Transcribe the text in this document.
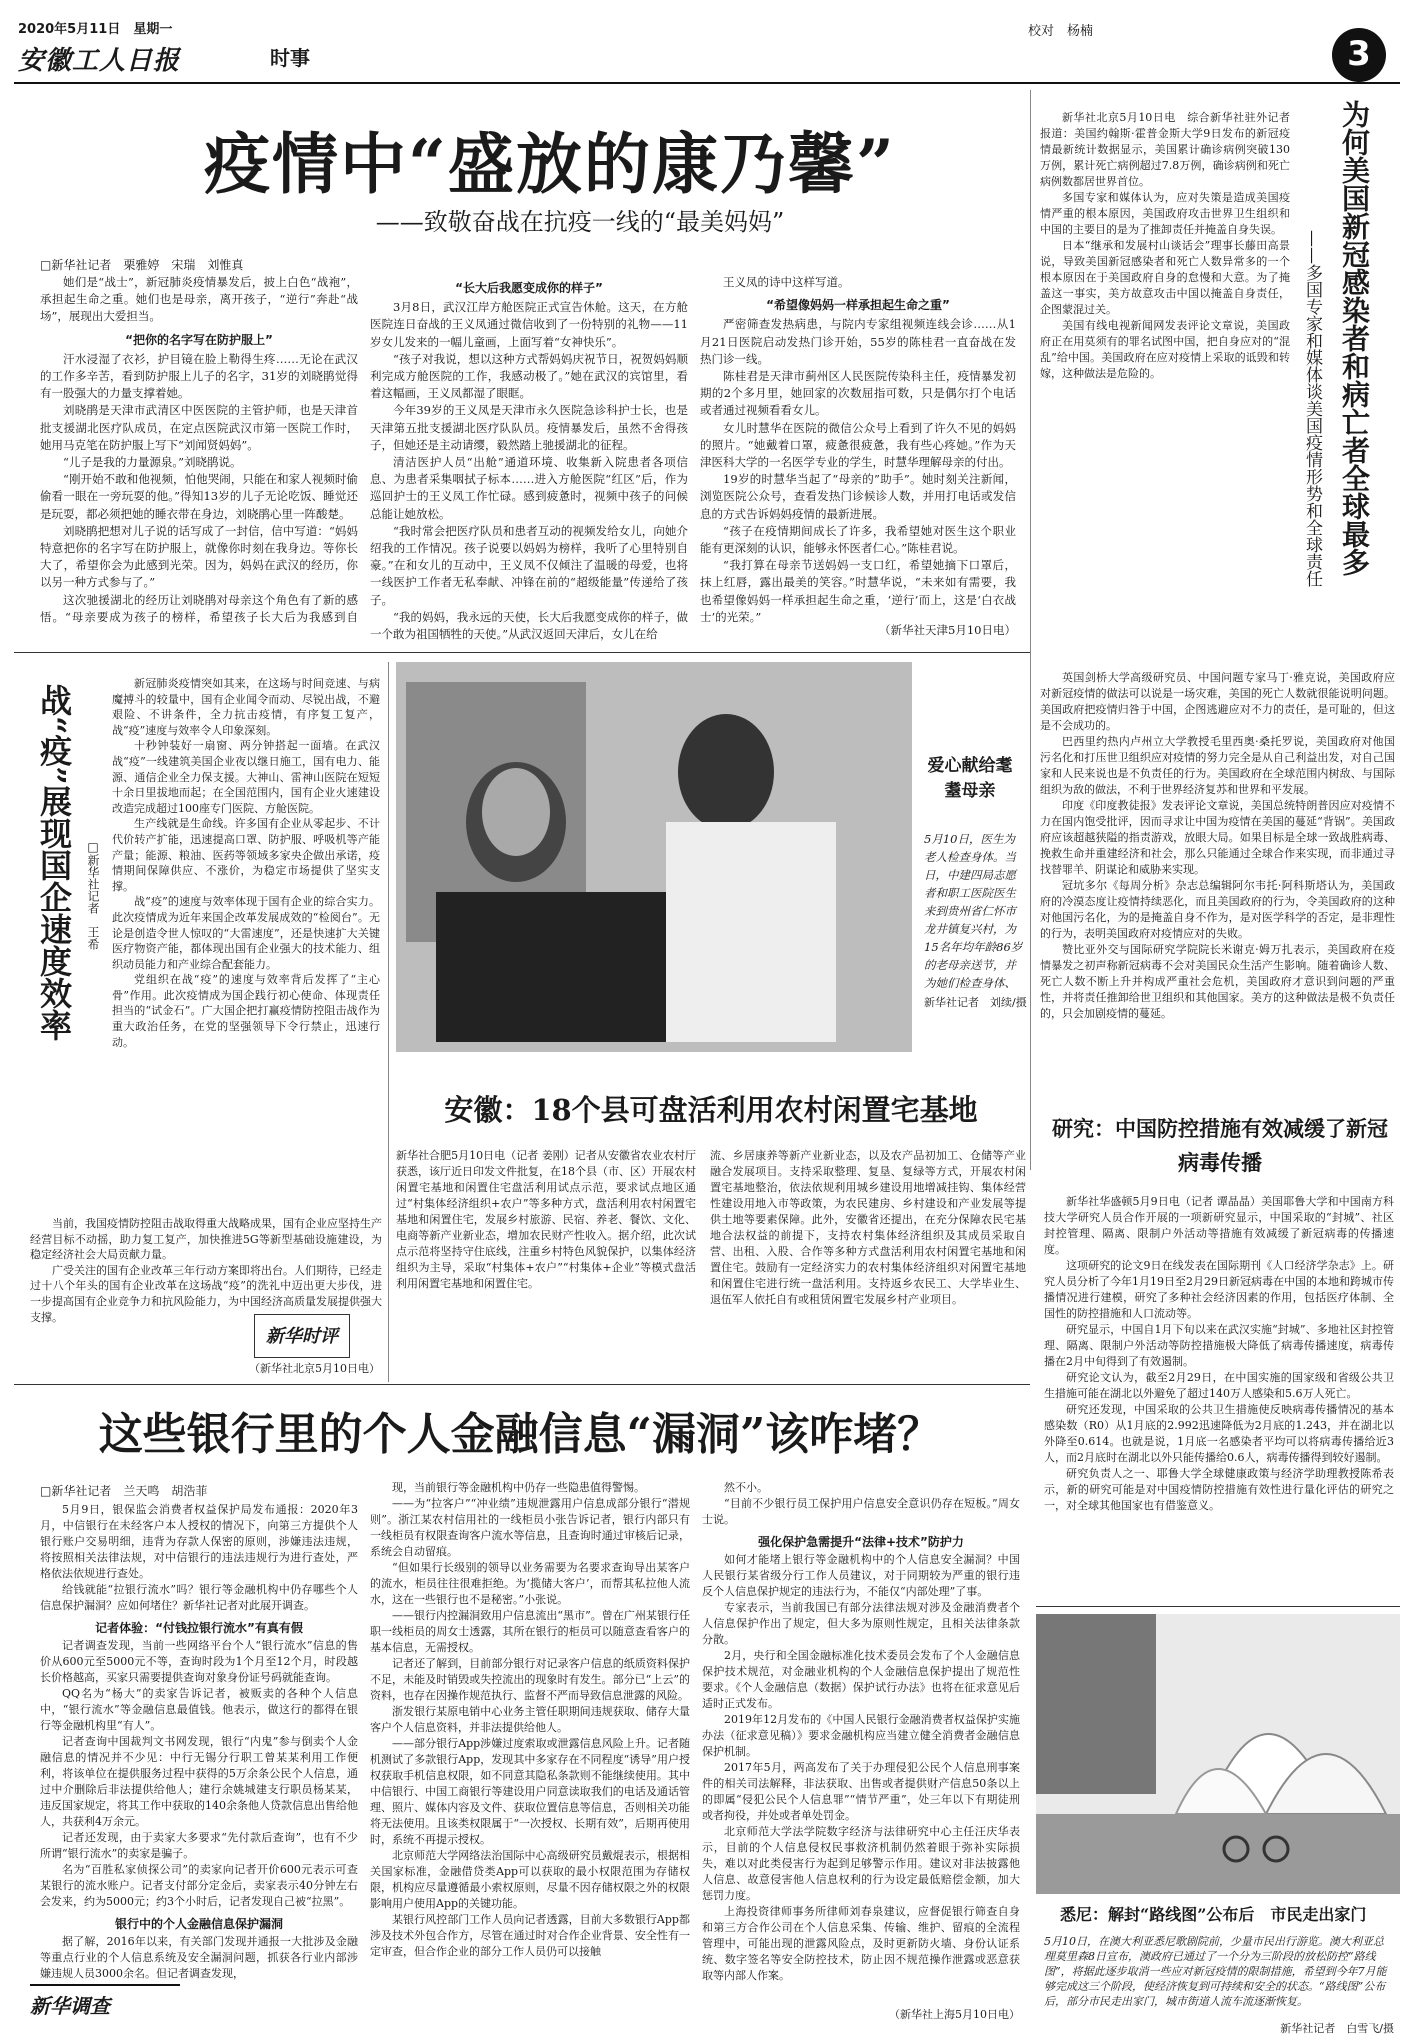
2020年5月11日　星期一
安徽工人日报	时事
校对　杨楠
3
疫情中“盛放的康乃馨”
——致敬奋战在抗疫一线的“最美妈妈”
□新华社记者　栗雅婷　宋瑞　刘惟真

她们是“战士”，新冠肺炎疫情暴发后，披上白色“战袍”，承担起生命之重。她们也是母亲，离开孩子，“逆行”奔赴“战场”，展现出大爱担当。

“把你的名字写在防护服上”

汗水浸湿了衣衫，护目镜在脸上勒得生疼……无论在武汉的工作多辛苦，看到防护服上儿子的名字，31岁的刘晓鹃觉得有一股强大的力量支撑着她。

刘晓鹃是天津市武清区中医医院的主管护师，也是天津首批支援湖北医疗队成员，在定点医院武汉市第一医院工作时，她用马克笔在防护服上写下“刘闻贤妈妈”。

“儿子是我的力量源泉。”刘晓鹃说。

“刚开始不敢和他视频，怕他哭闹，只能在和家人视频时偷偷看一眼在一旁玩耍的他。”得知13岁的儿子无论吃饭、睡觉还是玩耍，都必须把她的睡衣带在身边，刘晓鹃心里一阵酸楚。

刘晓鹃把想对儿子说的话写成了一封信，信中写道：“妈妈特意把你的名字写在防护服上，就像你时刻在我身边。等你长大了，希望你会为此感到光荣。因为，妈妈在武汉的经历，你以另一种方式参与了。”

这次驰援湖北的经历让刘晓鹃对母亲这个角色有了新的感悟。“母亲要成为孩子的榜样，希望孩子长大后为我感到自

“长大后我愿变成你的样子”

3月8日，武汉江岸方舱医院正式宣告休舱。这天，在方舱医院连日奋战的王义凤通过微信收到了一份特别的礼物——11岁女儿发来的一幅儿童画，上面写着“女神快乐”。

“孩子对我说，想以这种方式帮妈妈庆祝节日，祝贺妈妈顺利完成方舱医院的工作，我感动极了。”她在武汉的宾馆里，看着这幅画，王义凤都湿了眼眶。

今年39岁的王义凤是天津市永久医院急诊科护士长，也是天津第五批支援湖北医疗队队员。疫情暴发后，虽然不舍得孩子，但她还是主动请缨，毅然踏上驰援湖北的征程。

清洁医护人员“出舱”通道环境、收集新入院患者各项信息、为患者采集咽拭子标本……进入方舱医院“红区”后，作为巡回护士的王义凤工作忙碌。感到疲惫时，视频中孩子的问候总能让她放松。

“我时常会把医疗队员和患者互动的视频发给女儿，向她介绍我的工作情况。孩子说要以妈妈为榜样，我听了心里特别自豪。”在和女儿的互动中，王义凤不仅倾注了温暖的母爱，也将一线医护工作者无私奉献、冲锋在前的“超级能量”传递给了孩子。

“我的妈妈，我永远的天使，长大后我愿变成你的样子，做一个敢为祖国牺牲的天使。”从武汉返回天津后，女儿在给

王义凤的诗中这样写道。

“希望像妈妈一样承担起生命之重”

严密筛查发热病患，与院内专家组视频连线会诊……从1月21日医院启动发热门诊开始，55岁的陈桂君一直奋战在发热门诊一线。

陈桂君是天津市蓟州区人民医院传染科主任，疫情暴发初期的2个多月里，她回家的次数屈指可数，只是偶尔打个电话或者通过视频看看女儿。

女儿时慧华在医院的微信公众号上看到了许久不见的妈妈的照片。“她戴着口罩，疲惫很疲惫，我有些心疼她。”作为天津医科大学的一名医学专业的学生，时慧华理解母亲的付出。

19岁的时慧华当起了“母亲的”助手”。她时刻关注新闻，浏览医院公众号，查看发热门诊候诊人数，并用打电话或发信息的方式告诉妈妈疫情的最新进展。

“孩子在疫情期间成长了许多，我希望她对医生这个职业能有更深刻的认识，能够永怀医者仁心。”陈桂君说。

“我打算在母亲节送妈妈一支口红，希望她摘下口罩后，抹上红唇，露出最美的笑容。”时慧华说，“未来如有需要，我也希望像妈妈一样承担起生命之重，‘逆行’而上，这是‘白衣战士’的光荣。”

（新华社天津5月10日电）

新华社北京5月10日电　综合新华社驻外记者报道：美国约翰斯·霍普金斯大学9日发布的新冠疫情最新统计数据显示，美国累计确诊病例突破130万例，累计死亡病例超过7.8万例，确诊病例和死亡病例数都居世界首位。

多国专家和媒体认为，应对失策是造成美国疫情严重的根本原因，美国政府攻击世界卫生组织和中国的主要目的是为了推卸责任并掩盖自身失误。

日本“继承和发展村山谈话会”理事长藤田高景说，导致美国新冠感染者和死亡人数异常多的一个根本原因在于美国政府自身的怠慢和大意。为了掩盖这一事实，美方故意攻击中国以掩盖自身责任，企图蒙混过关。

美国有线电视新闻网发表评论文章说，美国政府正在用莫须有的罪名试图中国，把自身应对的“混乱”给中国。美国政府在应对疫情上采取的诋毁和转嫁，这种做法是危险的。	为何美国新冠感染者和病亡者全球最多
——多国专家和媒体谈美国疫情形势和全球责任

英国剑桥大学高级研究员、中国问题专家马丁·雅克说，美国政府应对新冠疫情的做法可以说是一场灾难，美国的死亡人数就很能说明问题。美国政府把疫情归咎于中国，企图逃避应对不力的责任，是可耻的，但这是不会成功的。

巴西里约热内卢州立大学教授毛里西奥·桑托罗说，美国政府对他国污名化和打压世卫组织应对疫情的努力完全是从自己利益出发，对自己国家和人民来说也是不负责任的行为。美国政府在全球范围内树敌、与国际组织为敌的做法，不利于世界经济复苏和世界和平发展。

印度《印度教徒报》发表评论文章说，美国总统特朗普因应对疫情不力在国内饱受批评，因而寻求让中国为疫情在美国的蔓延“背锅”。美国政府应该超越狭隘的指责游戏，放眼大局。如果目标是全球一致战胜病毒、挽救生命并重建经济和社会，那么只能通过全球合作来实现，而非通过寻找替罪羊、阴谋论和威胁来实现。

冠坑多尔《每周分析》杂志总编辑阿尔韦托·阿科斯塔认为，美国政府的冷漠态度让疫情持续恶化，而且美国政府的行为，令美国政府的这种对他国污名化，为的是掩盖自身不作为，是对医学科学的否定，是非理性的行为，表明美国政府对疫情应对的失败。

赞比亚外交与国际研究学院院长米谢克·姆万扎表示，美国政府在疫情暴发之初声称新冠病毒不会对美国民众生活产生影响。随着确诊人数、死亡人数不断上升并构成严重社会危机，美国政府才意识到问题的严重性，并将责任推卸给世卫组织和其他国家。美方的这种做法是极不负责任的，只会加剧疫情的蔓延。

战“疫”展现国企速度效率	□新华社记者　王希

新冠肺炎疫情突如其来，在这场与时间竞速、与病魔搏斗的较量中，国有企业闻令而动、尽锐出战，不避艰险、不讲条件，全力抗击疫情，有序复工复产，战“疫”速度与效率令人印象深刻。

十秒钟装好一扇窗、两分钟搭起一面墙。在武汉战“疫”一线建筑美国企业夜以继日施工，国有电力、能源、通信企业全力保支援。大神山、雷神山医院在短短十余日里拔地而起；在全国范围内，国有企业火速建设改造完成超过100座专门医院、方舱医院。

生产线就是生命线。许多国有企业从零起步、不计代价转产扩能，迅速提高口罩、防护服、呼吸机等产能产量；能源、粮油、医药等领域多家央企做出承诺，疫情期间保障供应、不涨价，为稳定市场提供了坚实支撑。

战“疫”的速度与效率体现于国有企业的综合实力。此次疫情成为近年来国企改革发展成效的“检阅台”。无论是创造令世人惊叹的“大雷速度”，还是快速扩大关键医疗物资产能，都体现出国有企业强大的技术能力、组织动员能力和产业综合配套能力。

党组织在战“疫”的速度与效率背后发挥了“主心骨”作用。此次疫情成为国企践行初心使命、体现责任担当的“试金石”。广大国企把打赢疫情防控阻击战作为重大政治任务，在党的坚强领导下令行禁止，迅速行动。

当前，我国疫情防控阻击战取得重大战略成果，国有企业应坚持生产经营目标不动摇，助力复工复产，加快推进5G等新型基础设施建设，为稳定经济社会大局贡献力量。

广受关注的国有企业改革三年行动方案即将出台。人们期待，已经走过十八个年头的国有企业改革在这场战“疫”的洗礼中迈出更大步伐，进一步提高国有企业竞争力和抗风险能力，为中国经济高质量发展提供强大支撑。

新华时评
（新华社北京5月10日电）
爱心献给耄耋母亲
5月10日，医生为老人检查身体。当日，中建四局志愿者和职工医院医生来到贵州省仁怀市龙井镇复兴村，为15名年均年龄86岁的老母亲送节，并为她们检查身体、
新华社记者　刘续/摄
安徽：18个县可盘活利用农村闲置宅基地
新华社合肥5月10日电（记者 姜刚）记者从安徽省农业农村厅获悉，该厅近日印发文件批复，在18个县（市、区）开展农村闲置宅基地和闲置住宅盘活利用试点示范，要求试点地区通过“村集体经济组织+农户”等多种方式，盘活利用农村闲置宅基地和闲置住宅，发展乡村旅游、民宿、养老、餐饮、文化、电商等新产业新业态，增加农民财产性收入。据介绍，此次试点示范将坚持守住底线，注重乡村特色风貌保护，以集体经济组织为主导，采取“村集体+农户”“村集体+企业”等模式盘活利用闲置宅基地和闲置住宅。
流、乡居康养等新产业新业态，以及农产品初加工、仓储等产业融合发展项目。支持采取整理、复垦、复绿等方式，开展农村闲置宅基地整治，依法依规利用城乡建设用地增减挂钩、集体经营性建设用地入市等政策，为农民建房、乡村建设和产业发展等提供土地等要素保障。此外，安徽省还提出，在充分保障农民宅基地合法权益的前提下，支持农村集体经济组织及其成员采取自营、出租、入股、合作等多种方式盘活利用农村闲置宅基地和闲置住宅。鼓励有一定经济实力的农村集体经济组织对闲置宅基地和闲置住宅进行统一盘活利用。支持返乡农民工、大学毕业生、退伍军人依托自有或租赁闲置宅发展乡村产业项目。
研究：中国防控措施有效减缓了新冠病毒传播

新华社华盛顿5月9日电（记者 谭晶晶）美国耶鲁大学和中国南方科技大学研究人员合作开展的一项新研究显示，中国采取的“封城”、社区封控管理、隔离、限制户外活动等措施有效减缓了新冠病毒的传播速度。

这项研究的论文9日在线发表在国际期刊《人口经济学杂志》上。研究人员分析了今年1月19日至2月29日新冠病毒在中国的本地和跨城市传播情况进行建模，研究了多种社会经济因素的作用，包括医疗体制、全国性的防控措施和人口流动等。

研究显示，中国自1月下旬以来在武汉实施“封城”、多地社区封控管理、隔离、限制户外活动等防控措施极大降低了病毒传播速度，病毒传播在2月中旬得到了有效遏制。

研究论文认为，截至2月29日，在中国实施的国家级和省级公共卫生措施可能在湖北以外避免了超过140万人感染和5.6万人死亡。

研究还发现，中国采取的公共卫生措施使反映病毒传播情况的基本感染数（R0）从1月底的2.992迅速降低为2月底的1.243，并在湖北以外降至0.614。也就是说，1月底一名感染者平均可以将病毒传播给近3人，而2月底时在湖北以外只能传播给0.6人，病毒传播得到较好遏制。

研究负责人之一、耶鲁大学全球健康政策与经济学助理教授陈希表示，新的研究可能是对中国疫情防控措施有效性进行量化评估的研究之一，对全球其他国家也有借鉴意义。

这些银行里的个人金融信息“漏洞”该咋堵？
□新华社记者　兰天鸣　胡浩菲

5月9日，银保监会消费者权益保护局发布通报：2020年3月，中信银行在未经客户本人授权的情况下，向第三方提供个人银行账户交易明细，违背为存款人保密的原则，涉嫌违法违规，将按照相关法律法规，对中信银行的违法违规行为进行查处，严格依法依规进行查处。

给钱就能“拉银行流水”吗？银行等金融机构中仍存哪些个人信息保护漏洞？应如何堵住？新华社记者对此展开调查。

记者体验：“付钱拉银行流水”有真有假

记者调查发现，当前一些网络平台个人“银行流水”信息的售价从600元至5000元不等，查询时段为1个月至12个月，时段越长价格越高，买家只需要提供查询对象身份证号码就能查询。

QQ名为“杨大”的卖家告诉记者，被贩卖的各种个人信息中，“银行流水”等金融信息最值钱。他表示，做这行的都得在银行等金融机构里“有人”。

记者查询中国裁判文书网发现，银行“内鬼”参与倒卖个人金融信息的情况并不少见：中行无锡分行职工曾某某利用工作便利，将该单位在提供服务过程中获得的5万余条公民个人信息，通过中介删除后非法提供给他人；建行余姚城建支行职员杨某某，违反国家规定，将其工作中获取的140余条他人贷款信息出售给他人，共获利4万余元。

记者还发现，由于卖家大多要求“先付款后查询”，也有不少所谓“银行流水”的卖家是骗子。

名为“百胜私家侦探公司”的卖家向记者开价600元表示可查某银行的流水账户。记者支付部分定金后，卖家表示40分钟左右会发来，约为5000元；约3个小时后，记者发现自己被“拉黑”。

银行中的个人金融信息保护漏洞

据了解，2016年以来，有关部门发现并通报一大批涉及金融等重点行业的个人信息系统及安全漏洞问题，抓获各行业内部涉嫌违规人员3000余名。但记者调查发现，

现，当前银行等金融机构中仍存一些隐患值得警惕。

——为“拉客户”“冲业绩”违规泄露用户信息成部分银行“潜规则”。浙江某农村信用社的一线柜员小张告诉记者，银行内部只有一线柜员有权限查询客户流水等信息，且查询时通过审核后记录，系统会自动留痕。

“但如果行长级别的领导以业务需要为名要求查询导出某客户的流水，柜员往往很难拒绝。为‘揽储大客户’，而帮其私拉他人流水，这在一些银行也不是秘密。”小张说。

——银行内控漏洞致用户信息流出“黑市”。曾在广州某银行任职一线柜员的周女士透露，其所在银行的柜员可以随意查看客户的基本信息，无需授权。

记者还了解到，目前部分银行对记录客户信息的纸质资料保护不足，未能及时销毁或失控流出的现象时有发生。部分已“上云”的资料，也存在因操作规范执行、监督不严而导致信息泄露的风险。

浙发银行某原电销中心业务主管任职期间违规获取、储存大量客户个人信息资料，并非法提供给他人。

——部分银行App涉嫌过度索取或泄露信息风险上升。记者随机测试了多款银行App，发现其中多家存在不同程度“诱导”用户授权获取手机信息权限，如不同意其隐私条款则不能继续使用。其中中信银行、中国工商银行等建设用户同意读取我们的电话及通话管理、照片、媒体内容及文件、获取位置信息等信息，否则相关功能将无法使用。且该类权限属于“一次授权、长期有效”，后期再使用时，系统不再提示授权。

北京师范大学网络法治国际中心高级研究员戴焜表示，根据相关国家标准，金融借贷类App可以获取的最小权限范围为存储权限，机构应尽量遵循最小索权原则，尽量不因存储权限之外的权限影响用户使用App的关键功能。

某银行风控部门工作人员向记者透露，目前大多数银行App都涉及技术外包合作方，尽管在通过时对合作企业背景、安全性有一定审查，但合作企业的部分工作人员仍可以接触

然不小。

“目前不少银行员工保护用户信息安全意识仍存在短板。”周女士说。

强化保护急需提升“法律+技术”防护力

如何才能堵上银行等金融机构中的个人信息安全漏洞？中国人民银行某省级分行工作人员建议，对于同期较为严重的银行违反个人信息保护规定的违法行为，不能仅“内部处理”了事。

专家表示，当前我国已有部分法律法规对涉及金融消费者个人信息保护作出了规定，但大多为原则性规定，且相关法律条款分散。

2月，央行和全国金融标准化技术委员会发布了个人金融信息保护技术规范，对金融业机构的个人金融信息保护提出了规范性要求。《个人金融信息（数据）保护试行办法》也将在征求意见后适时正式发布。

2019年12月发布的《中国人民银行金融消费者权益保护实施办法（征求意见稿）》要求金融机构应当建立健全消费者金融信息保护机制。

2017年5月，两高发布了关于办理侵犯公民个人信息刑事案件的相关司法解释，非法获取、出售或者提供财产信息50条以上的即属“侵犯公民个人信息罪”“情节严重”，处三年以下有期徒刑或者拘役，并处或者单处罚金。

北京师范大学法学院数字经济与法律研究中心主任汪庆华表示，目前的个人信息侵权民事救济机制仍然着眼于弥补实际损失，难以对此类侵害行为起到足够警示作用。建议对非法披露他人信息、故意侵害他人信息权利的行为设定最低赔偿金额，加大惩罚力度。

上海投资律师事务所律师刘春泉建议，应督促银行筛查自身和第三方合作公司在个人信息采集、传输、维护、留痕的全流程管理中，可能出现的泄露风险点，及时更新防火墙、身份认证系统、数字签名等安全防控技术，防止因不规范操作泄露或恶意获取等内部人作案。

（新华社上海5月10日电）
新华调查
悉尼：解封“路线图”公布后　市民走出家门
5月10日，在澳大利亚悉尼歌剧院前，少量市民出行游览。澳大利亚总理莫里森8日宣布，澳政府已通过了一个分为三阶段的放松防控“路线图”，将据此逐步取消一些应对新冠疫情的限制措施，希望到今年7月能够完成这三个阶段，使经济恢复到可持续和安全的状态。“路线图”公布后，部分市民走出家门，城市街道人流车流逐渐恢复。
新华社记者　白雪飞/摄
